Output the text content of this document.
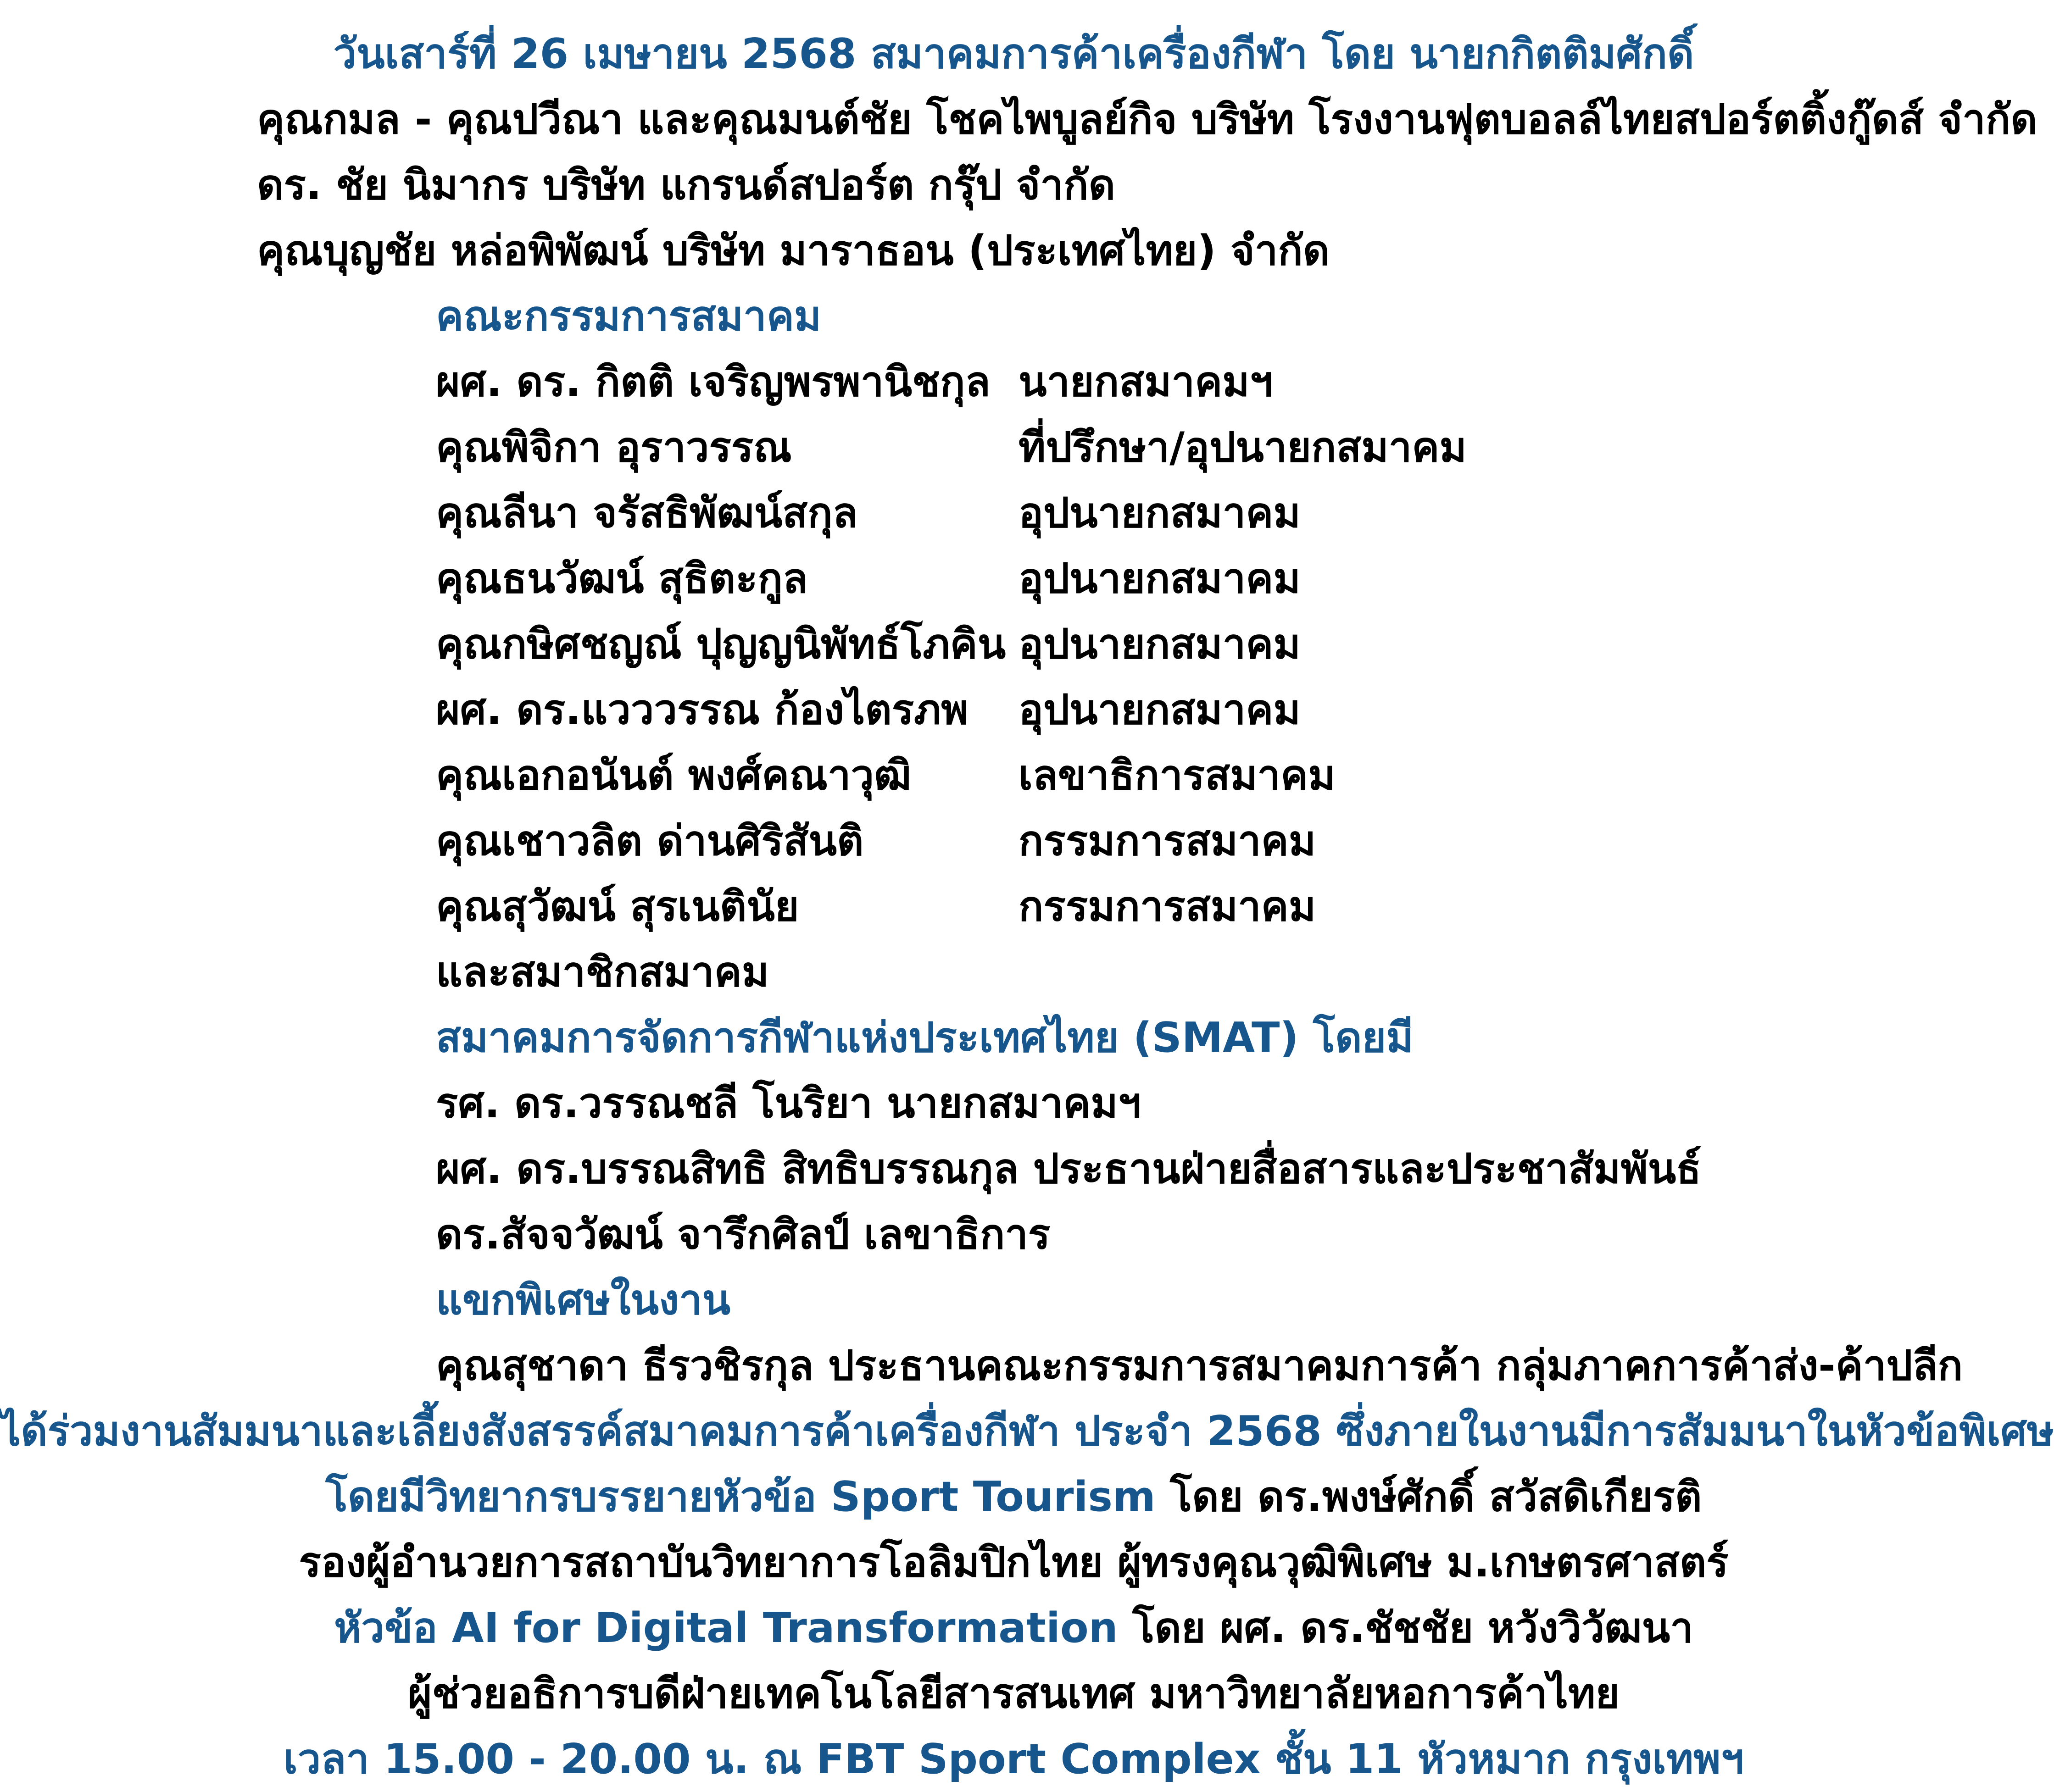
วันเสาร์ที่ 26 เมษายน 2568 สมาคมการค้าเครื่องกีฬา โดย นายกกิตติมศักดิ์
คุณกมล - คุณปวีณา และคุณมนต์ชัย โชคไพบูลย์กิจ บริษัท โรงงานฟุตบอลล์ไทยสปอร์ตติ้งกู๊ดส์ จำกัด
ดร. ชัย นิมากร บริษัท แกรนด์สปอร์ต กรุ๊ป จำกัด
คุณบุญชัย หล่อพิพัฒน์ บริษัท มาราธอน (ประเทศไทย) จำกัด
คณะกรรมการสมาคม
ผศ. ดร. กิตติ เจริญพรพานิชกุล นายกสมาคมฯ
คุณพิจิกา อุราวรรณ	ที่ปรึกษา/อุปนายกสมาคม
คุณลีนา จรัสธิพัฒน์สกุล	อุปนายกสมาคม
คุณธนวัฒน์ สุธิตะกูล	อุปนายกสมาคม
คุณกษิศชญณ์ ปุญญนิพัทธ์โภคิน อุปนายกสมาคม
ผศ. ดร.แวววรรณ ก้องไตรภพ	อุปนายกสมาคม
คุณเอกอนันต์ พงศ์คณาวุฒิ	เลขาธิการสมาคม
คุณเชาวลิต ด่านศิริสันติ	กรรมการสมาคม
คุณสุวัฒน์ สุรเนตินัย	กรรมการสมาคม
และสมาชิกสมาคม
สมาคมการจัดการกีฬาแห่งประเทศไทย (SMAT) โดยมี
รศ. ดร.วรรณชลี โนริยา นายกสมาคมฯ
ผศ. ดร.บรรณสิทธิ สิทธิบรรณกุล ประธานฝ่ายสื่อสารและประชาสัมพันธ์
ดร.สัจจวัฒน์ จารึกศิลป์ เลขาธิการ
แขกพิเศษในงาน
คุณสุชาดา ธีรวชิรกุล ประธานคณะกรรมการสมาคมการค้า กลุ่มภาคการค้าส่ง-ค้าปลีก
ได้ร่วมงานสัมมนาและเลี้ยงสังสรรค์สมาคมการค้าเครื่องกีฬา ประจำ 2568 ซึ่งภายในงานมีการสัมมนาในหัวข้อพิเศษ
โดยมีวิทยากรบรรยายหัวข้อ Sport Tourism โดย ดร.พงษ์ศักดิ์ สวัสดิเกียรติ
รองผู้อำนวยการสถาบันวิทยาการโอลิมปิกไทย ผู้ทรงคุณวุฒิพิเศษ ม.เกษตรศาสตร์
หัวข้อ AI for Digital Transformation โดย ผศ. ดร.ชัชชัย หวังวิวัฒนา
ผู้ช่วยอธิการบดีฝ่ายเทคโนโลยีสารสนเทศ มหาวิทยาลัยหอการค้าไทย
เวลา 15.00 - 20.00 น. ณ FBT Sport Complex ชั้น 11 หัวหมาก กรุงเทพฯ
